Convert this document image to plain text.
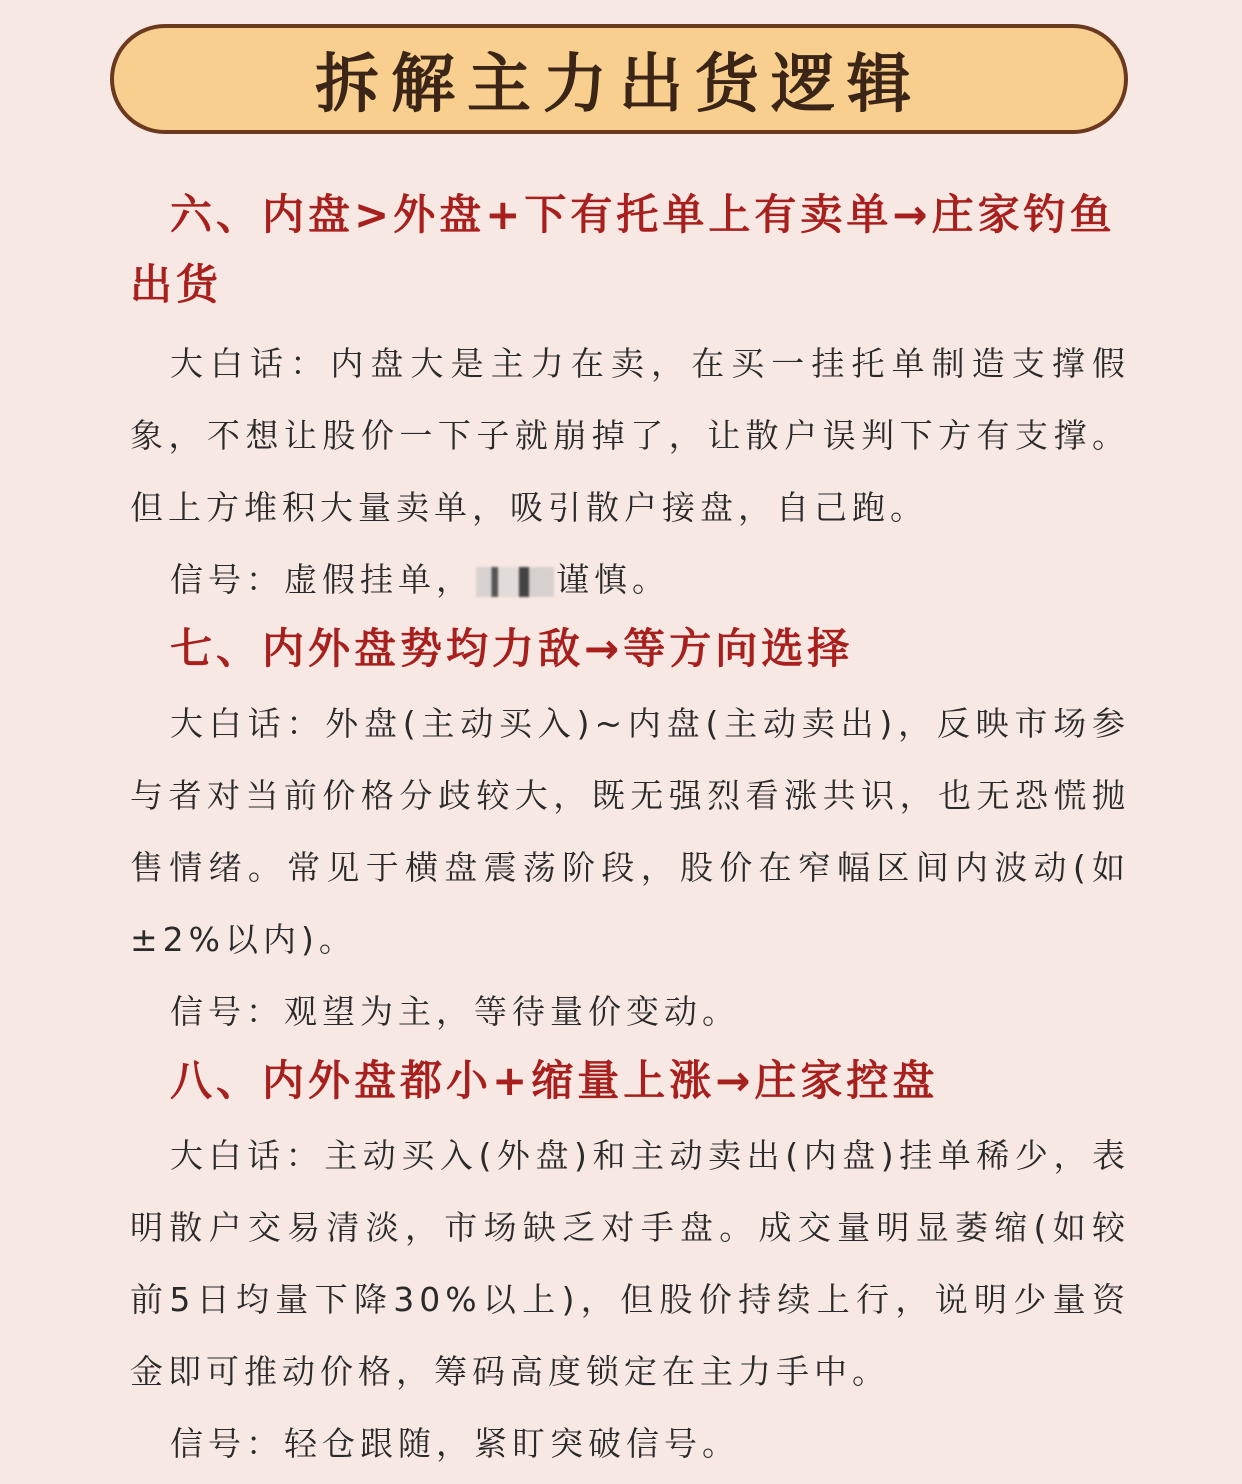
拆解主力出货逻辑
六、内盘>外盘+下有托单上有卖单→庄家钓鱼出货

大白话：内盘大是主力在卖，在买一挂托单制造支撑假象，不想让股价一下子就崩掉了，让散户误判下方有支撑。但上方堆积大量卖单，吸引散户接盘，自己跑。

信号：虚假挂单， 谨慎。

七、内外盘势均力敌→等方向选择

大白话：外盘(主动买入)~内盘(主动卖出)，反映市场参与者对当前价格分歧较大，既无强烈看涨共识，也无恐慌抛售情绪。常见于横盘震荡阶段，股价在窄幅区间内波动(如±2%以内)。

信号：观望为主，等待量价变动。

八、内外盘都小+缩量上涨→庄家控盘

大白话：主动买入(外盘)和主动卖出(内盘)挂单稀少，表明散户交易清淡，市场缺乏对手盘。成交量明显萎缩(如较前5日均量下降30%以上)，但股价持续上行，说明少量资金即可推动价格，筹码高度锁定在主力手中。

信号：轻仓跟随，紧盯突破信号。
